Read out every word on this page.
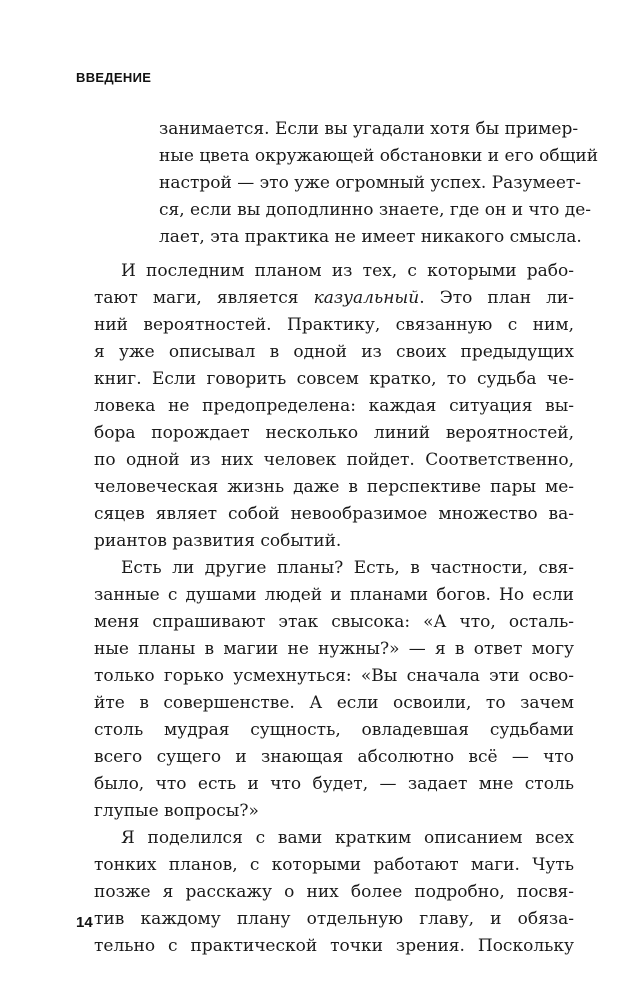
ВВЕДЕНИЕ
занимается. Если вы угадали хотя бы пример-
ные цвета окружающей обстановки и его общий
настрой — это уже огромный успех. Разумеет-
ся, если вы доподлинно знаете, где он и что де-
лает, эта практика не имеет никакого смысла.
И последним планом из тех, с которыми рабо-
тают маги, является казуальный. Это план ли-
ний вероятностей. Практику, связанную с ним,
я уже описывал в одной из своих предыдущих
книг. Если говорить совсем кратко, то судьба че-
ловека не предопределена: каждая ситуация вы-
бора порождает несколько линий вероятностей,
по одной из них человек пойдет. Соответственно,
человеческая жизнь даже в перспективе пары ме-
сяцев являет собой невообразимое множество ва-
риантов развития событий.
Есть ли другие планы? Есть, в частности, свя-
занные с душами людей и планами богов. Но если
меня спрашивают этак свысока: «А что, осталь-
ные планы в магии не нужны?» — я в ответ могу
только горько усмехнуться: «Вы сначала эти осво-
йте в совершенстве. А если освоили, то зачем
столь мудрая сущность, овладевшая судьбами
всего сущего и знающая абсолютно всё — что
было, что есть и что будет, — задает мне столь
глупые вопросы?»
Я поделился с вами кратким описанием всех
тонких планов, с которыми работают маги. Чуть
позже я расскажу о них более подробно, посвя-
тив каждому плану отдельную главу, и обяза-
тельно с практической точки зрения. Поскольку
14
